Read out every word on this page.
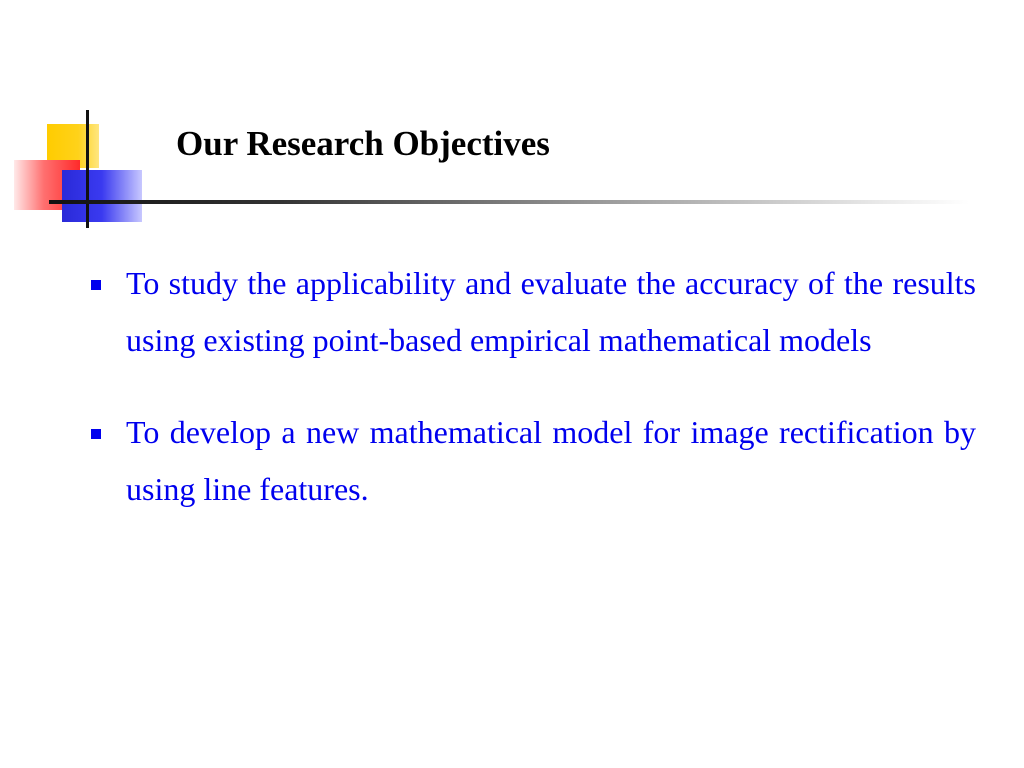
Our Research Objectives
To study the applicability and evaluate the accuracy of the results using existing point-based empirical mathematical models
To develop a new mathematical model for image rectification by using line features.
